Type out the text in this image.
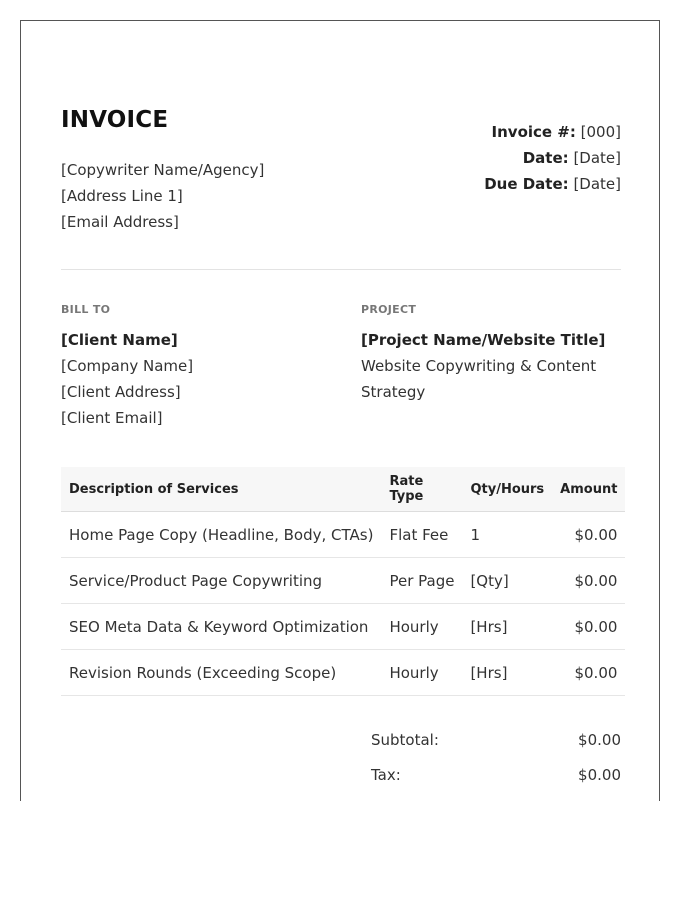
INVOICE
[Copywriter Name/Agency]
[Address Line 1]
[Email Address]
Invoice #: [000]
Date: [Date]
Due Date: [Date]
BILL TO
[Client Name]
[Company Name]
[Client Address]
[Client Email]
PROJECT
[Project Name/Website Title]
Website Copywriting & Content
Strategy
Description of Services	Rate Type	Qty/Hours	Amount
Home Page Copy (Headline, Body, CTAs)	Flat Fee	1	$0.00
Service/Product Page Copywriting	Per Page	[Qty]	$0.00
SEO Meta Data & Keyword Optimization	Hourly	[Hrs]	$0.00
Revision Rounds (Exceeding Scope)	Hourly	[Hrs]	$0.00
Subtotal:	$0.00
Tax:	$0.00
